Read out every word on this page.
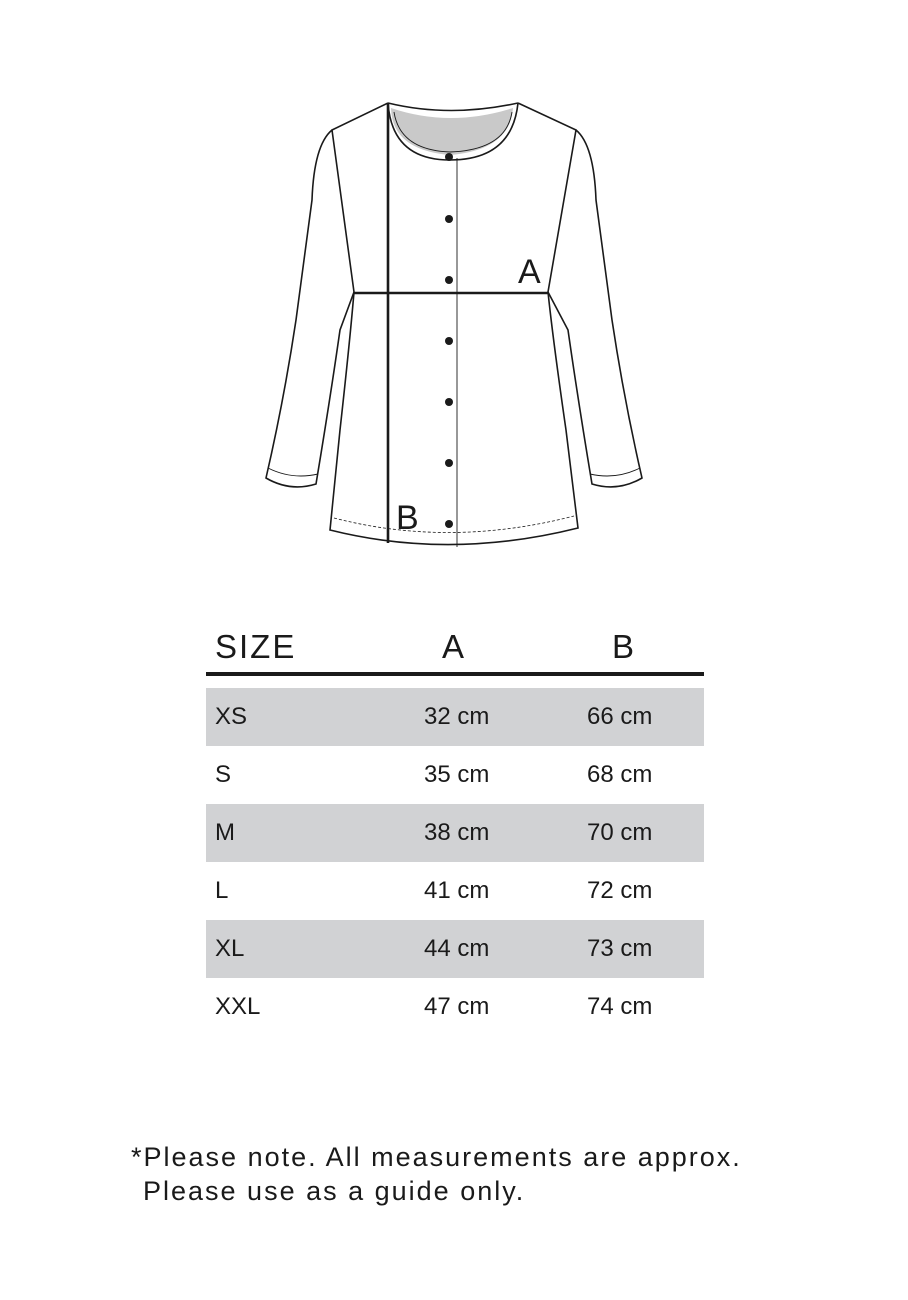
A
B
SIZE	A	B
XS	32 cm	66 cm
S	35 cm	68 cm
M	38 cm	70 cm
L	41 cm	72 cm
XL	44 cm	73 cm
XXL	47 cm	74 cm
*Please note. All measurements are approx.
Please use as a guide only.
